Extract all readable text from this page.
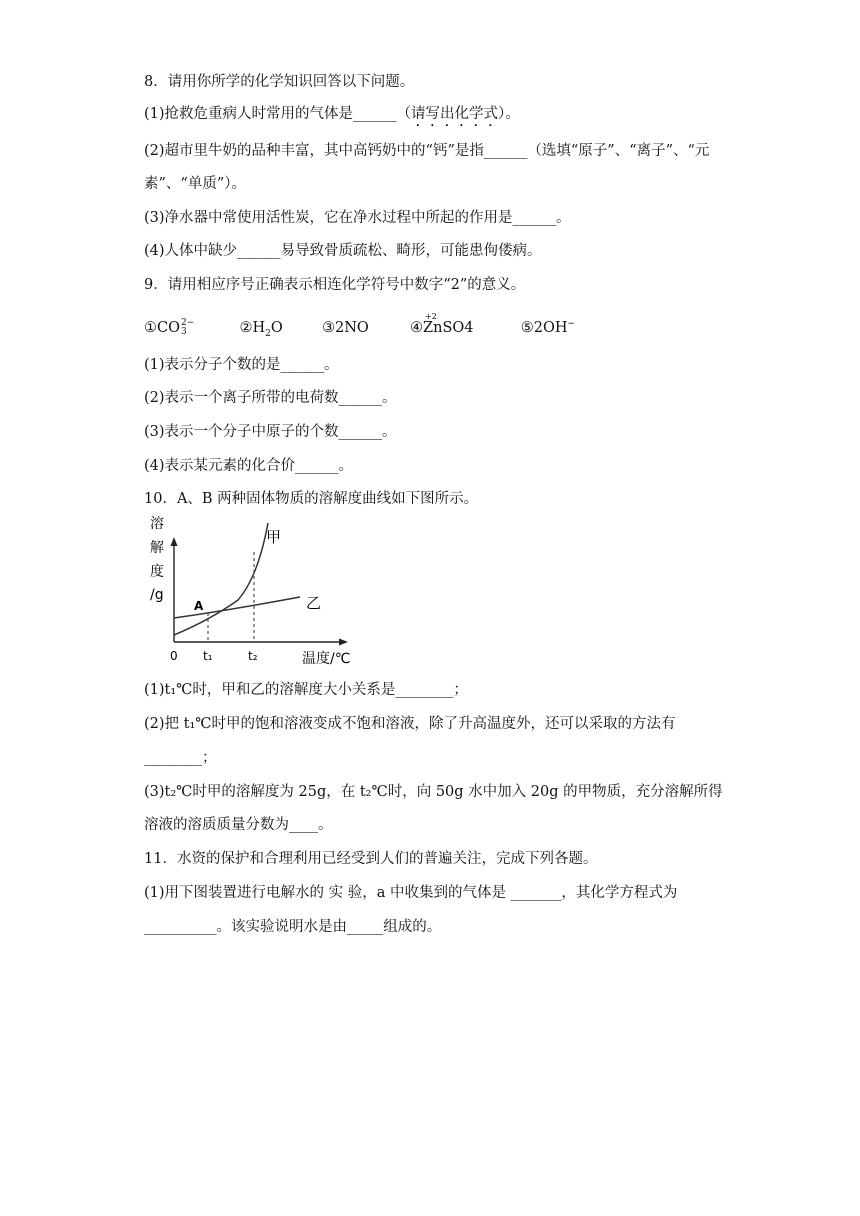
8．请用你所学的化学知识回答以下问题。
(1)抢救危重病人时常用的气体是______（请写出化学式）。
(2)超市里牛奶的品种丰富，其中高钙奶中的“钙”是指______（选填“原子”、“离子”、“元
素”、“单质”）。
(3)净水器中常使用活性炭，它在净水过程中所起的作用是______。
(4)人体中缺少______易导致骨质疏松、畸形，可能患佝偻病。
9．请用相应序号正确表示相连化学符号中数字“2”的意义。
①CO 2−
3	$②H_2O$	③2NO	④
+2
ZnSO4	⑤2OH−
(1)表示分子个数的是______。
(2)表示一个离子所带的电荷数______。
(3)表示一个分子中原子的个数______。
(4)表示某元素的化合价______。
10．A、B 两种固体物质的溶解度曲线如下图所示。
溶
解
度
/g
0 t₁	t₂	温度/℃
A
甲
乙
(1)t₁℃时，甲和乙的溶解度大小关系是________；
(2)把 t₁℃时甲的饱和溶液变成不饱和溶液，除了升高温度外，还可以采取的方法有
________；
(3)t₂℃时甲的溶解度为 25g，在 t₂℃时，向 50g 水中加入 20g 的甲物质，充分溶解所得
溶液的溶质质量分数为____。
11．水资的保护和合理利用已经受到人们的普遍关注，完成下列各题。
(1)用下图装置进行电解水的 实 验，a 中收集到的气体是 _______，其化学方程式为
__________。该实验说明水是由_____组成的。
